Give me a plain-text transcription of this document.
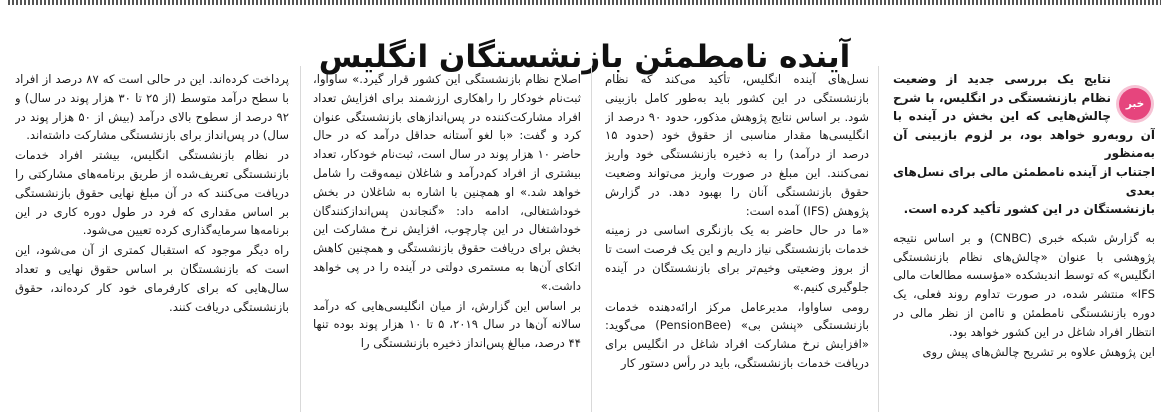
آینده نامطمئن بازنشستگان انگلیس
خبر
نتایج یک بررسی جدید از وضعیت
نظام بازنشستگی در انگلیس، با شرح
چالش‌هایی که این بخش در آینده با
آن روبه‌رو خواهد بود، بر لزوم بازبینی آن به‌منظور
اجتناب از آینده نامطمئن مالی برای نسل‌های بعدی
بازنشستگان در این کشور تأکید کرده است.

به گزارش شبکه خبری (CNBC) و بر اساس نتیجه پژوهشی با عنوان «چالش‌های نظام بازنشستگی انگلیس» که توسط اندیشکده «مؤسسه مطالعات مالی IFS» منتشر شده، در صورت تداوم روند فعلی، یک دوره بازنشستگی نامطمئن و ناامن از نظر مالی در انتظار افراد شاغل در این کشور خواهد بود.

این پژوهش علاوه بر تشریح چالش‌های پیش روی

نسل‌های آینده انگلیس، تأکید می‌کند که نظام بازنشستگی در این کشور باید به‌طور کامل بازبینی شود. بر اساس نتایج پژوهش مذکور، حدود ۹۰ درصد از انگلیسی‌ها مقدار مناسبی از حقوق خود (حدود ۱۵ درصد از درآمد) را به ذخیره بازنشستگی خود واریز نمی‌کنند. این مبلغ در صورت واریز می‌تواند وضعیت حقوق بازنشستگی آنان را بهبود دهد. در گزارش پژوهش (IFS) آمده است:

«ما در حال حاضر به یک بازنگری اساسی در زمینه خدمات بازنشستگی نیاز داریم و این یک فرصت است تا از بروز وضعیتی وخیم‌تر برای بازنشستگان در آینده جلوگیری کنیم.»

رومی ساواوا، مدیرعامل مرکز ارائه‌دهنده خدمات بازنشستگی «پنشن بی» (PensionBee) می‌گوید: «افزایش نرخ مشارکت افراد شاغل در انگلیس برای دریافت خدمات بازنشستگی، باید در رأس دستور کار

اصلاح نظام بازنشستگی این کشور قرار گیرد.» ساواوا، ثبت‌نام خودکار را راهکاری ارزشمند برای افزایش تعداد افراد مشارکت‌کننده در پس‌اندازهای بازنشستگی عنوان کرد و گفت: «با لغو آستانه حداقل درآمد که در حال حاضر ۱۰ هزار پوند در سال است، ثبت‌نام خودکار، تعداد بیشتری از افراد کم‌درآمد و شاغلان نیمه‌وقت را شامل خواهد شد.» او همچنین با اشاره به شاغلان در بخش خوداشتغالی، ادامه داد: «گنجاندن پس‌اندازکنندگان خوداشتغال در این چارچوب، افزایش نرخ مشارکت این بخش برای دریافت حقوق بازنشستگی و همچنین کاهش اتکای آن‌ها به مستمری دولتی در آینده را در پی خواهد داشت.»

بر اساس این گزارش، از میان انگلیسی‌هایی که درآمد سالانه آن‌ها در سال ۲۰۱۹، ۵ تا ۱۰ هزار پوند بوده تنها ۴۴ درصد، مبالغ پس‌انداز ذخیره بازنشستگی را

پرداخت کرده‌اند. این در حالی است که ۸۷ درصد از افراد با سطح درآمد متوسط (از ۲۵ تا ۳۰ هزار پوند در سال) و ۹۲ درصد از سطوح بالای درآمد (بیش از ۵۰ هزار پوند در سال) در پس‌انداز برای بازنشستگی مشارکت داشته‌اند.

در نظام بازنشستگی انگلیس، بیشتر افراد خدمات بازنشستگی تعریف‌شده از طریق برنامه‌های مشارکتی را دریافت می‌کنند که در آن مبلغ نهایی حقوق بازنشستگی بر اساس مقداری که فرد در طول دوره کاری در این برنامه‌ها سرمایه‌گذاری کرده تعیین می‌شود.

راه دیگر موجود که استقبال کمتری از آن می‌شود، این است که بازنشستگان بر اساس حقوق نهایی و تعداد سال‌هایی که برای کارفرمای خود کار کرده‌اند، حقوق بازنشستگی دریافت کنند.
